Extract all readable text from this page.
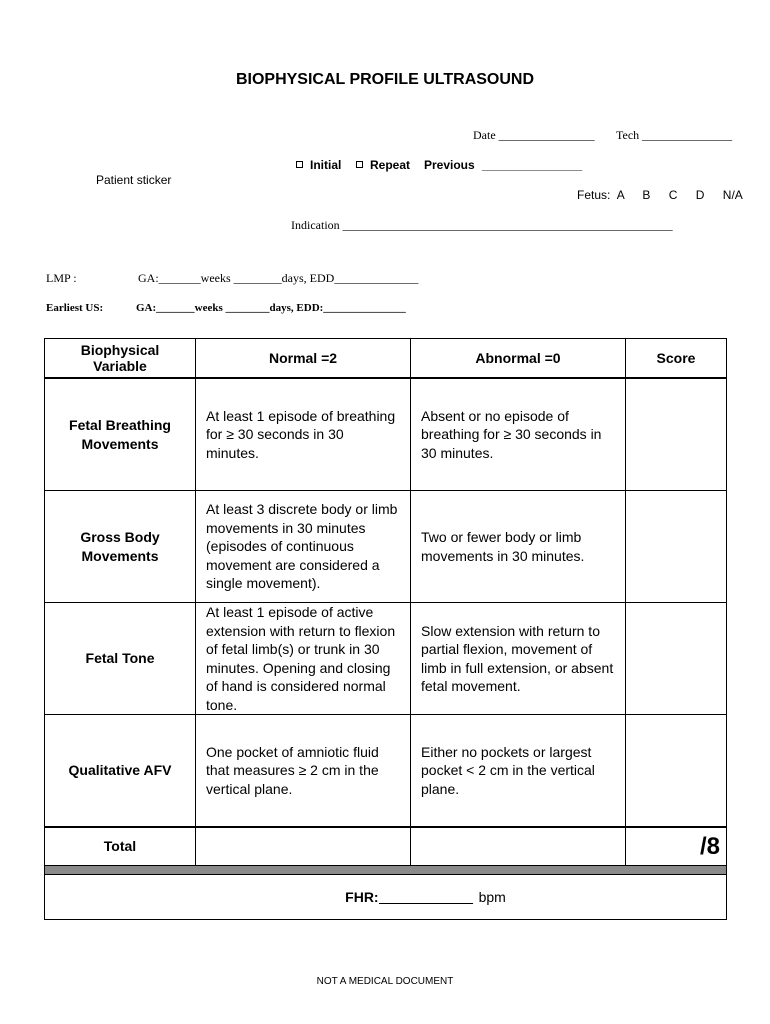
BIOPHYSICAL PROFILE ULTRASOUND
Date ________________ Tech _______________
Initial	Repeat Previous _______________
Patient sticker
Fetus: A B C D N/A
Indication _______________________________________________________
LMP :	GA:_______weeks ________days, EDD______________
Earliest US:	GA:_______weeks ________days, EDD:_______________
Biophysical Variable	Normal =2	Abnormal =0	Score
Fetal Breathing Movements	At least 1 episode of breathing for ≥ 30 seconds in 30 minutes.	Absent or no episode of breathing for ≥ 30 seconds in 30 minutes.	
Gross Body Movements	At least 3 discrete body or limb movements in 30 minutes (episodes of continuous movement are considered a single movement).	Two or fewer body or limb movements in 30 minutes.	
Fetal Tone	At least 1 episode of active extension with return to flexion of fetal limb(s) or trunk in 30 minutes. Opening and closing of hand is considered normal tone.	Slow extension with return to partial flexion, movement of limb in full extension, or absent fetal movement.	
Qualitative AFV	One pocket of amniotic fluid that measures ≥ 2 cm in the vertical plane.	Either no pockets or largest pocket < 2 cm in the vertical plane.	
Total			/8

FHR: bpm			
NOT A MEDICAL DOCUMENT
